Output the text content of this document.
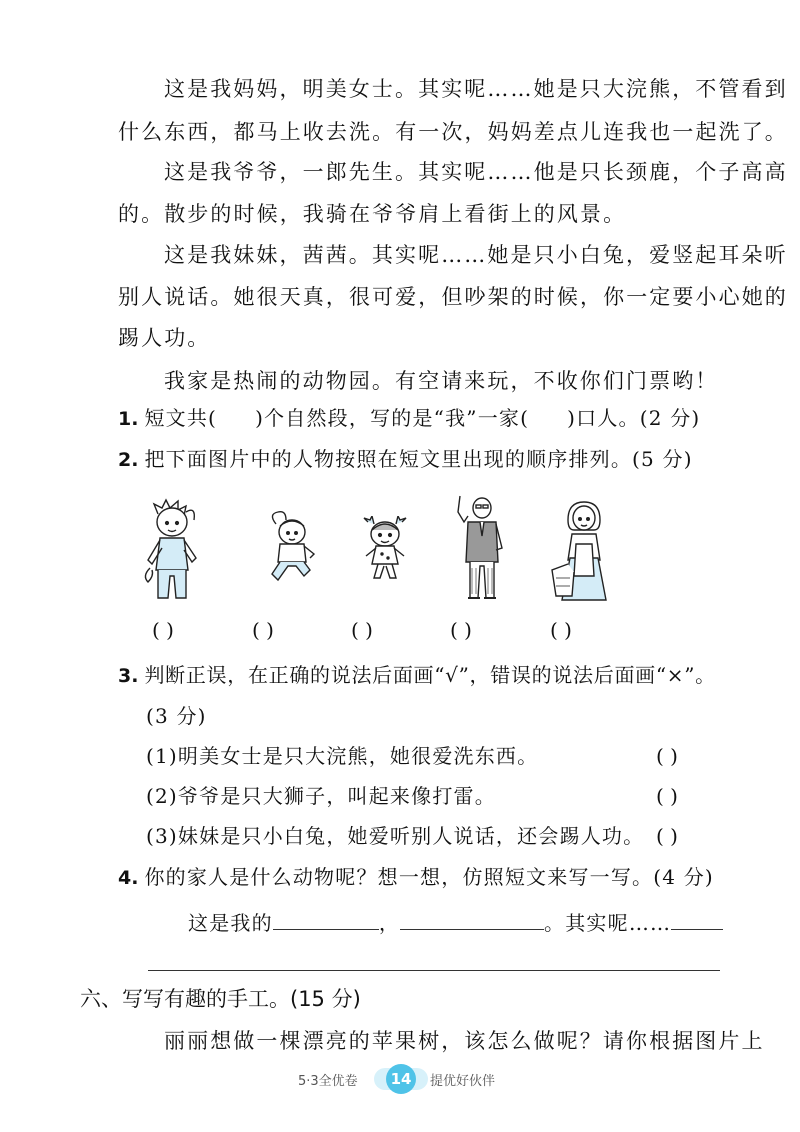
这是我妈妈，明美女士。其实呢……她是只大浣熊，不管看到
什么东西，都马上收去洗。有一次，妈妈差点儿连我也一起洗了。
这是我爷爷，一郎先生。其实呢……他是只长颈鹿，个子高高
的。散步的时候，我骑在爷爷肩上看街上的风景。
这是我妹妹，茜茜。其实呢……她是只小白兔，爱竖起耳朵听
别人说话。她很天真，很可爱，但吵架的时候，你一定要小心她的
踢人功。
我家是热闹的动物园。有空请来玩，不收你们门票哟！
1. 短文共( )个自然段，写的是“我”一家( )口人。(2 分)
2. 把下面图片中的人物按照在短文里出现的顺序排列。(5 分)
( )	( )	( )	( )	( )
3. 判断正误，在正确的说法后面画“√”，错误的说法后面画“×”。
(3 分)
(1)明美女士是只大浣熊，她很爱洗东西。	( )
(2)爷爷是只大狮子，叫起来像打雷。	( )
(3)妹妹是只小白兔，她爱听别人说话，还会踢人功。 ( )
4. 你的家人是什么动物呢？想一想，仿照短文来写一写。(4 分)
这是我的	，	。其实呢……
六、写写有趣的手工。(15 分)
丽丽想做一棵漂亮的苹果树，该怎么做呢？请你根据图片上
5·3全优卷	14	提优好伙伴
